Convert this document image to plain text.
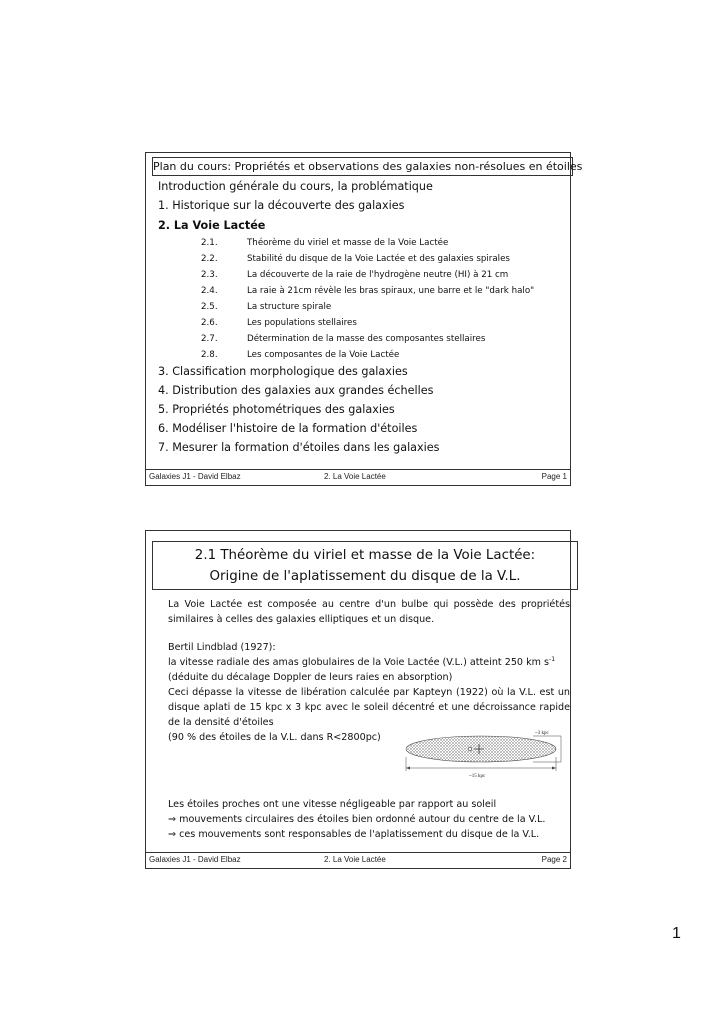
Plan du cours: Propriétés et observations des galaxies non-résolues en étoiles
Introduction générale du cours, la problématique
1. Historique sur la découverte des galaxies
2. La Voie Lactée
2.1.	Théorème du viriel et masse de la Voie Lactée
2.2.	Stabilité du disque de la Voie Lactée et des galaxies spirales
2.3.	La découverte de la raie de l'hydrogène neutre (HI) à 21 cm
2.4.	La raie à 21cm révèle les bras spiraux, une barre et le "dark halo"
2.5.	La structure spirale
2.6.	Les populations stellaires
2.7.	Détermination de la masse des composantes stellaires
2.8.	Les composantes de la Voie Lactée
3. Classification morphologique des galaxies
4. Distribution des galaxies aux grandes échelles
5. Propriétés photométriques des galaxies
6. Modéliser l'histoire de la formation d'étoiles
7. Mesurer la formation d'étoiles dans les galaxies
Galaxies J1 - David Elbaz	2. La Voie Lactée	Page 1
2.1 Théorème du viriel et masse de la Voie Lactée:
Origine de l'aplatissement du disque de la V.L.
La Voie Lactée est composée au centre d'un bulbe qui possède des propriétés similaires à celles des galaxies elliptiques et un disque.

Bertil Lindblad (1927):

la vitesse radiale des amas globulaires de la Voie Lactée (V.L.) atteint 250 km $s^{-1}$

(déduite du décalage Doppler de leurs raies en absorption)

Ceci dépasse la vitesse de libération calculée par Kapteyn (1922) où la V.L. est un disque aplati de 15 kpc x 3 kpc avec le soleil décentré et une décroissance rapide de la densité d'étoiles

(90 % des étoiles de la V.L. dans R<2800pc)	~3 kpc
~15 kpc

Les étoiles proches ont une vitesse négligeable par rapport au soleil

⇒ mouvements circulaires des étoiles bien ordonné autour du centre de la V.L.

⇒ ces mouvements sont responsables de l'aplatissement du disque de la V.L.

Galaxies J1 - David Elbaz	2. La Voie Lactée	Page 2
1
